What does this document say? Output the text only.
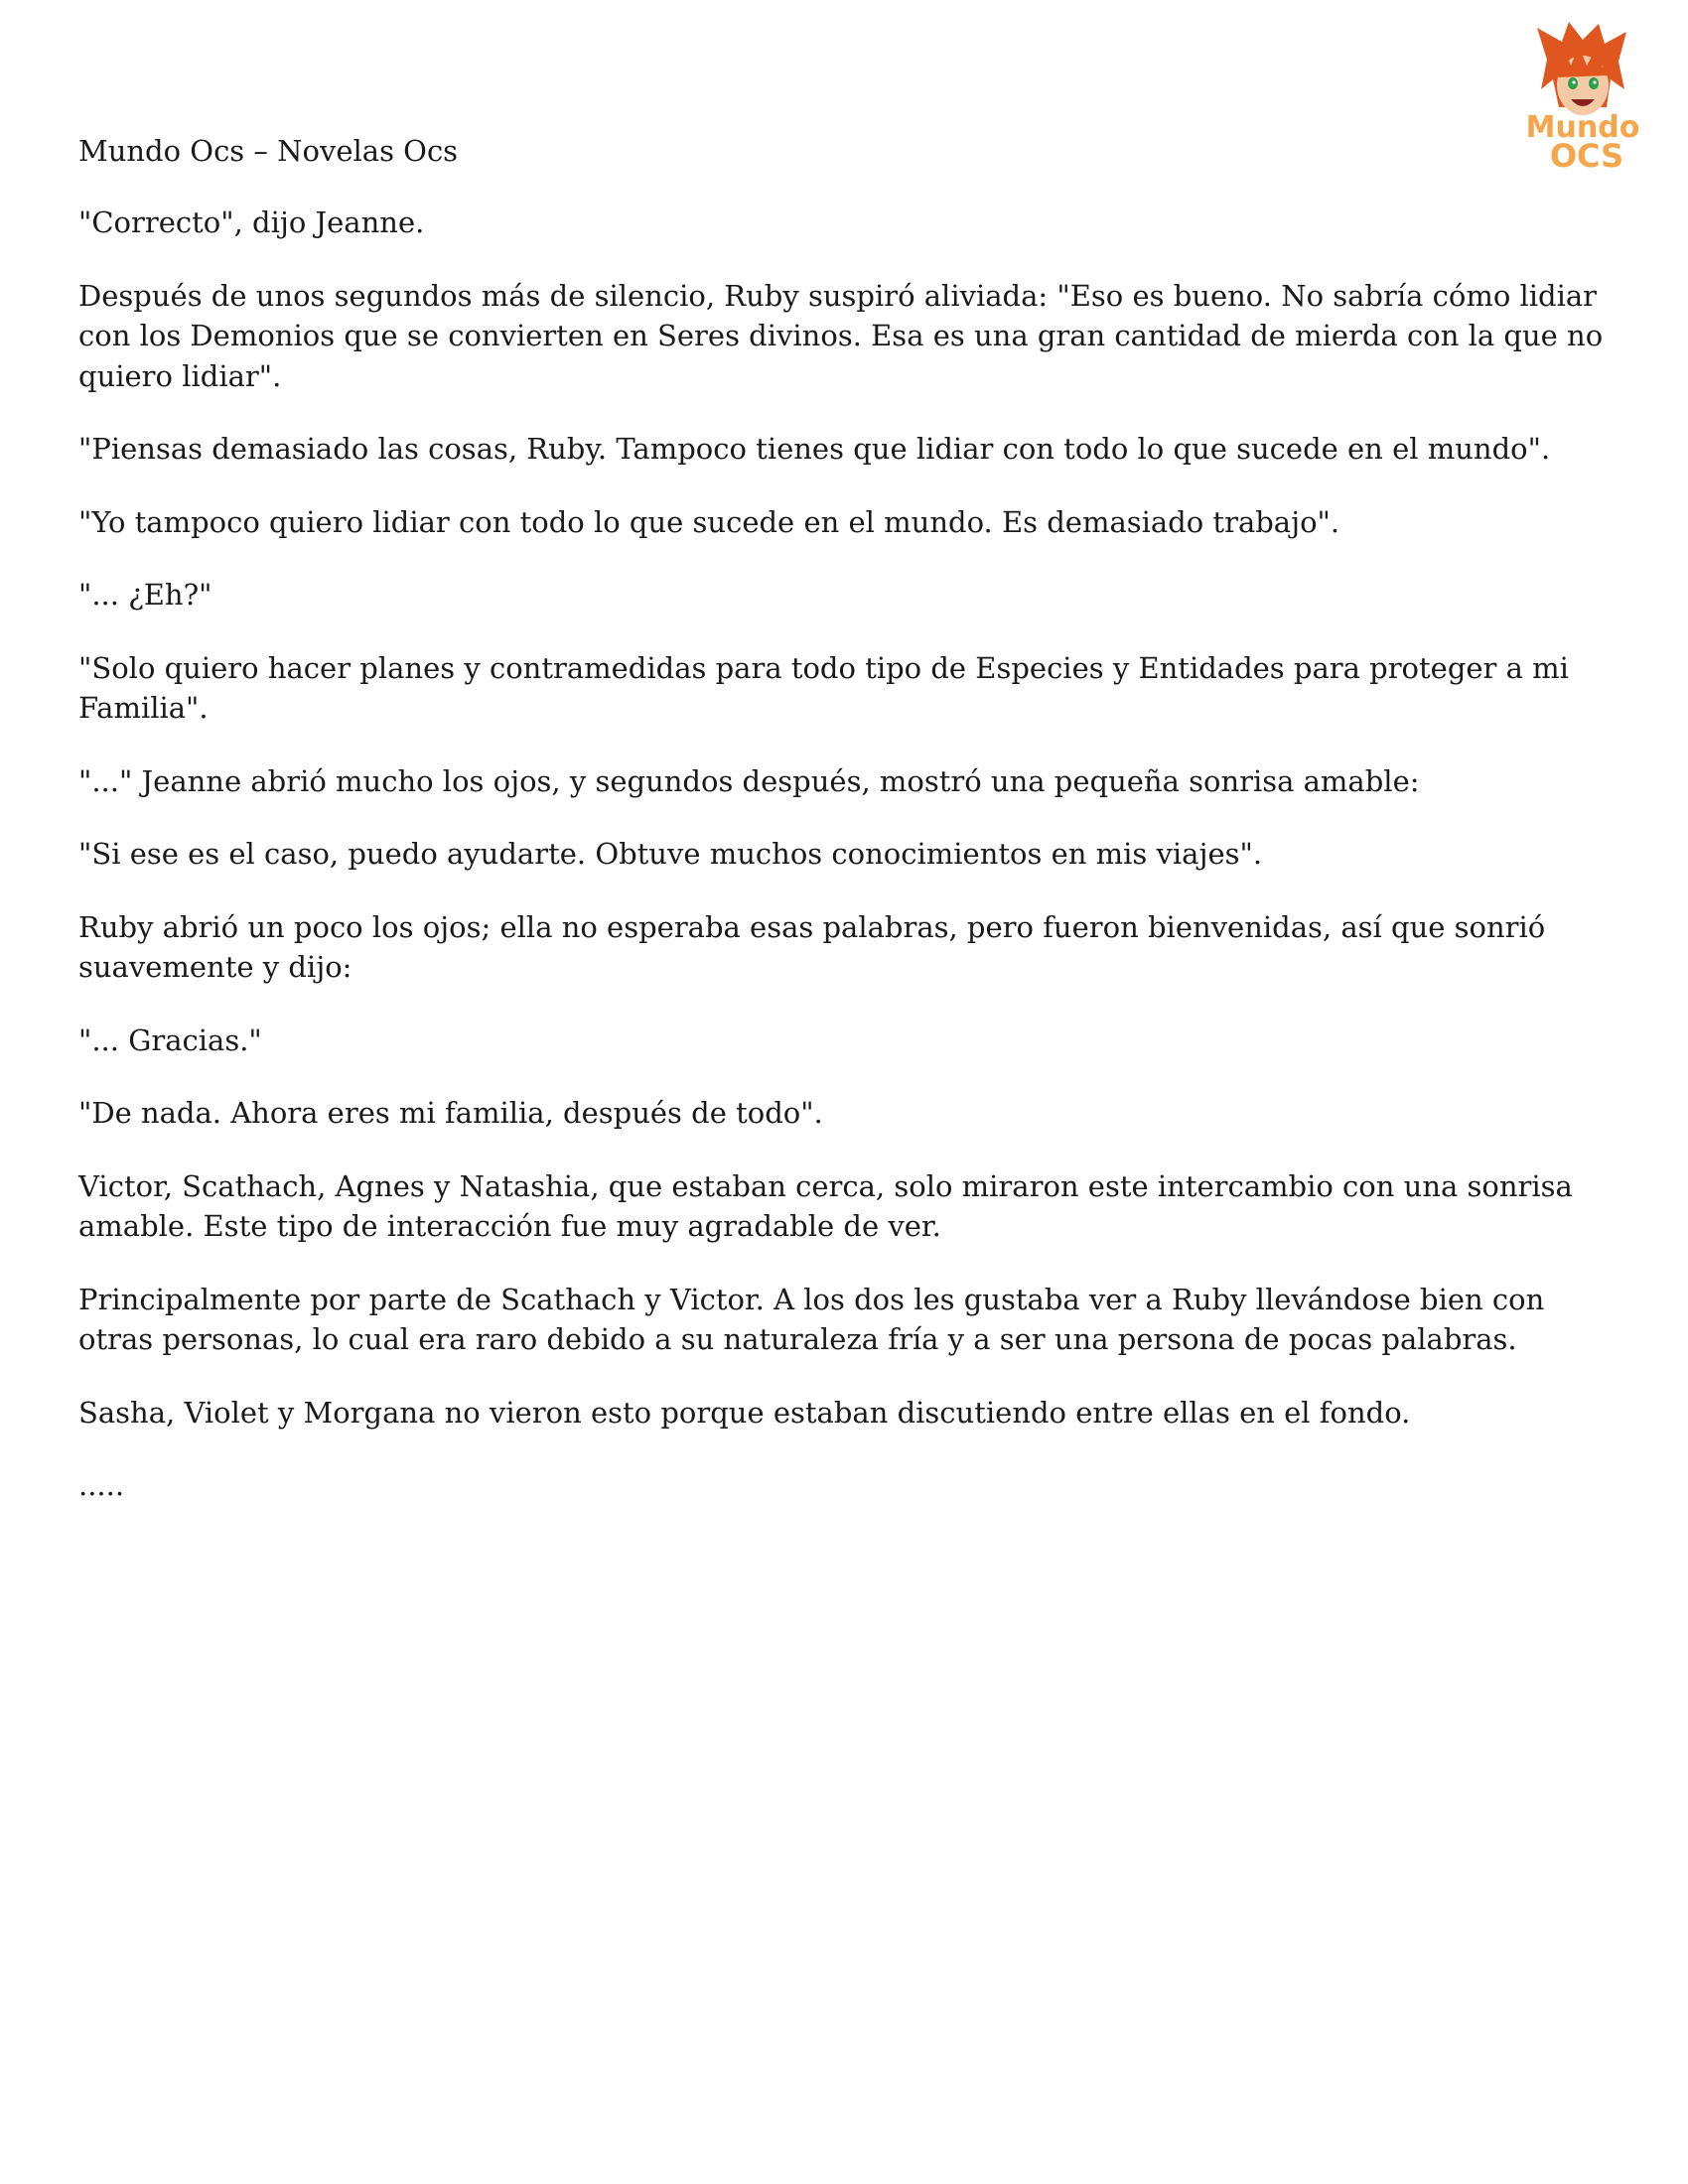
Mundo Ocs – Novelas Ocs
Mundo
OCS

"Correcto", dijo Jeanne.

Después de unos segundos más de silencio, Ruby suspiró aliviada: "Eso es bueno. No sabría cómo lidiar con los Demonios que se convierten en Seres divinos. Esa es una gran cantidad de mierda con la que no quiero lidiar".

"Piensas demasiado las cosas, Ruby. Tampoco tienes que lidiar con todo lo que sucede en el mundo".

"Yo tampoco quiero lidiar con todo lo que sucede en el mundo. Es demasiado trabajo".

"... ¿Eh?"

"Solo quiero hacer planes y contramedidas para todo tipo de Especies y Entidades para proteger a mi Familia".

"..." Jeanne abrió mucho los ojos, y segundos después, mostró una pequeña sonrisa amable:

"Si ese es el caso, puedo ayudarte. Obtuve muchos conocimientos en mis viajes".

Ruby abrió un poco los ojos; ella no esperaba esas palabras, pero fueron bienvenidas, así que sonrió suavemente y dijo:

"... Gracias."

"De nada. Ahora eres mi familia, después de todo".

Victor, Scathach, Agnes y Natashia, que estaban cerca, solo miraron este intercambio con una sonrisa amable. Este tipo de interacción fue muy agradable de ver.

Principalmente por parte de Scathach y Victor. A los dos les gustaba ver a Ruby llevándose bien con otras personas, lo cual era raro debido a su naturaleza fría y a ser una persona de pocas palabras.

Sasha, Violet y Morgana no vieron esto porque estaban discutiendo entre ellas en el fondo.

.....
